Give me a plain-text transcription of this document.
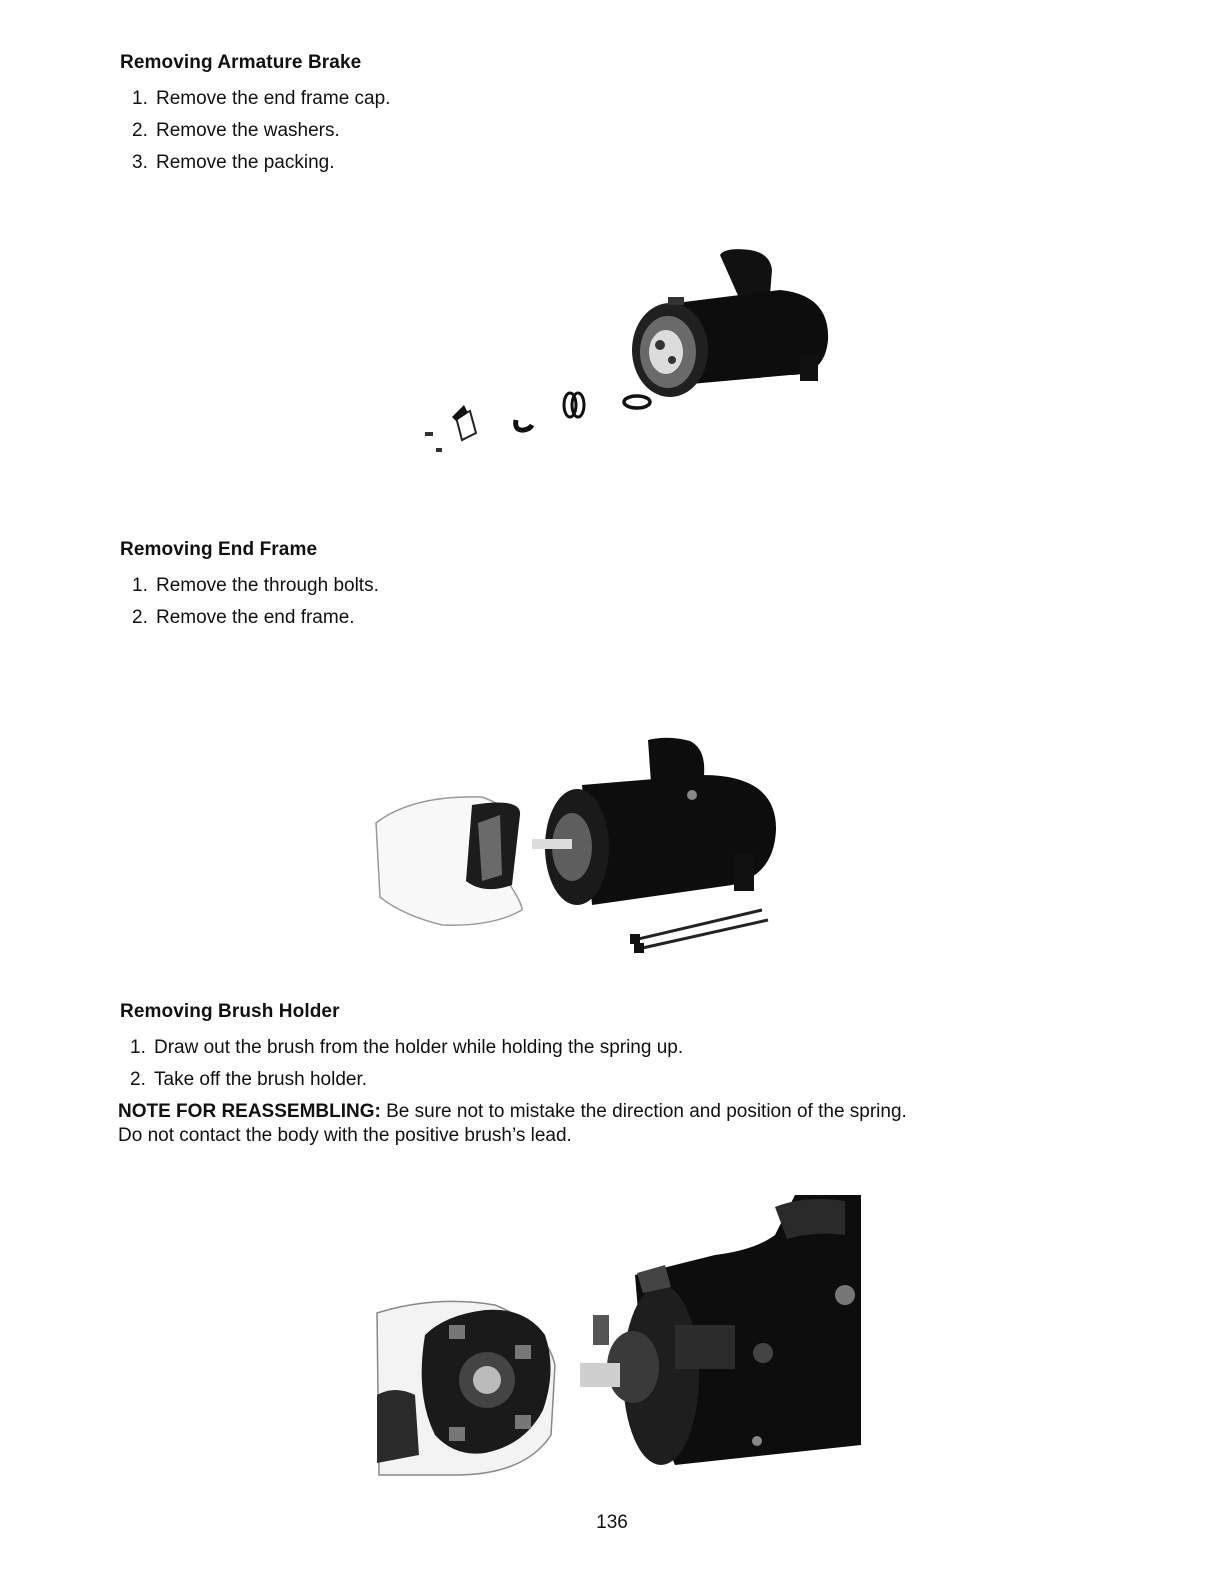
Removing Armature Brake
1. Remove the end frame cap.
2. Remove the washers.
3. Remove the packing.
Removing End Frame
1. Remove the through bolts.
2. Remove the end frame.
Removing Brush Holder
1. Draw out the brush from the holder while holding the spring up.
2. Take off the brush holder.
NOTE FOR REASSEMBLING: Be sure not to mistake the direction and position of the spring.
Do not contact the body with the positive brush’s lead.
136
